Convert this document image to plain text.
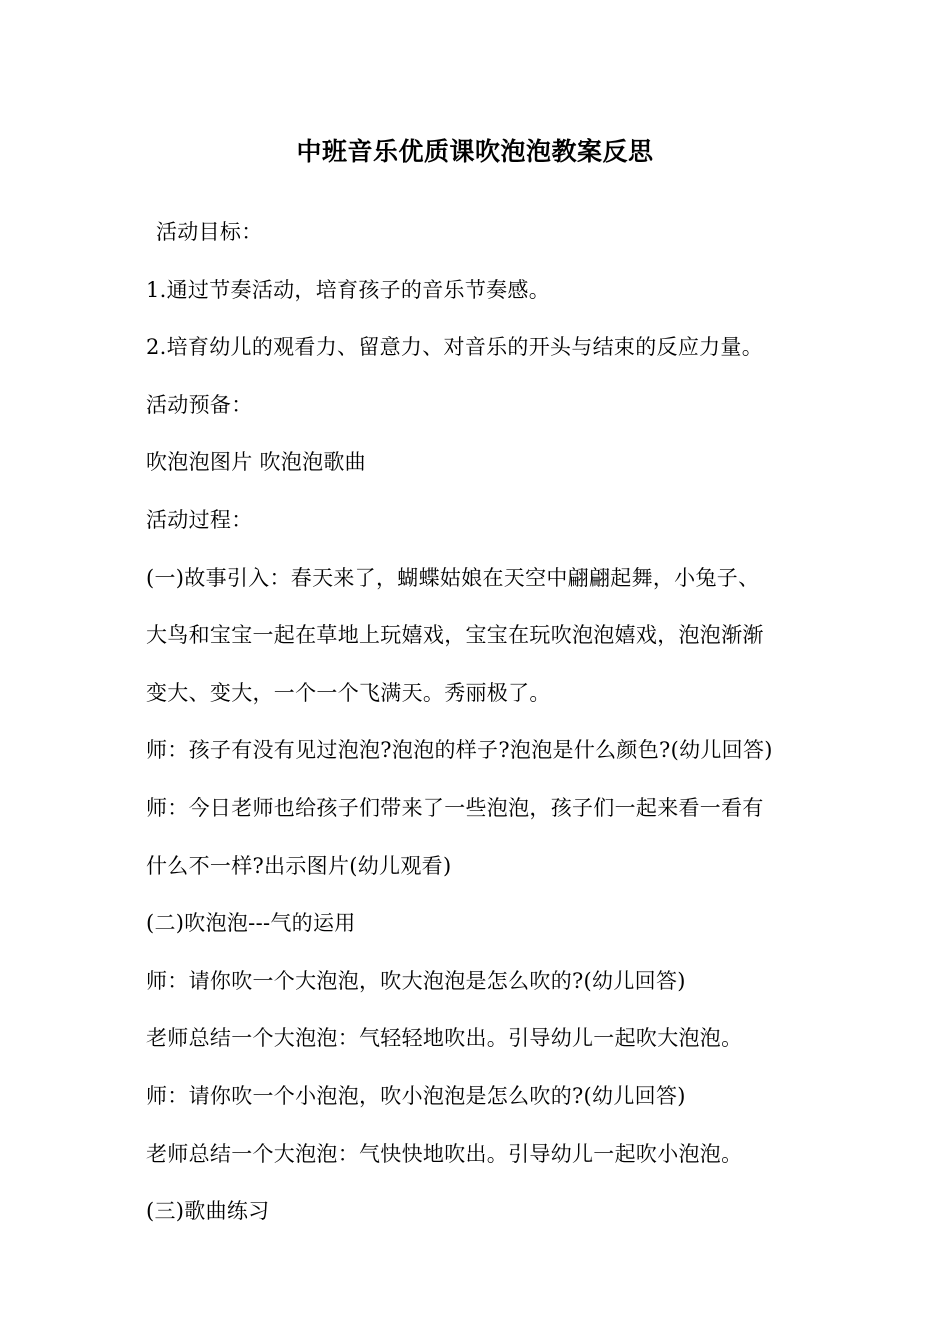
中班音乐优质课吹泡泡教案反思
活动目标：
1.通过节奏活动，培育孩子的音乐节奏感。
2.培育幼儿的观看力、留意力、对音乐的开头与结束的反应力量。
活动预备：
吹泡泡图片 吹泡泡歌曲
活动过程：
(一)故事引入：春天来了，蝴蝶姑娘在天空中翩翩起舞，小兔子、
大鸟和宝宝一起在草地上玩嬉戏，宝宝在玩吹泡泡嬉戏，泡泡渐渐
变大、变大，一个一个飞满天。秀丽极了。
师：孩子有没有见过泡泡?泡泡的样子?泡泡是什么颜色?(幼儿回答)
师：今日老师也给孩子们带来了一些泡泡，孩子们一起来看一看有
什么不一样?出示图片(幼儿观看)
(二)吹泡泡---气的运用
师：请你吹一个大泡泡，吹大泡泡是怎么吹的?(幼儿回答)
老师总结一个大泡泡：气轻轻地吹出。引导幼儿一起吹大泡泡。
师：请你吹一个小泡泡，吹小泡泡是怎么吹的?(幼儿回答)
老师总结一个大泡泡：气快快地吹出。引导幼儿一起吹小泡泡。
(三)歌曲练习
